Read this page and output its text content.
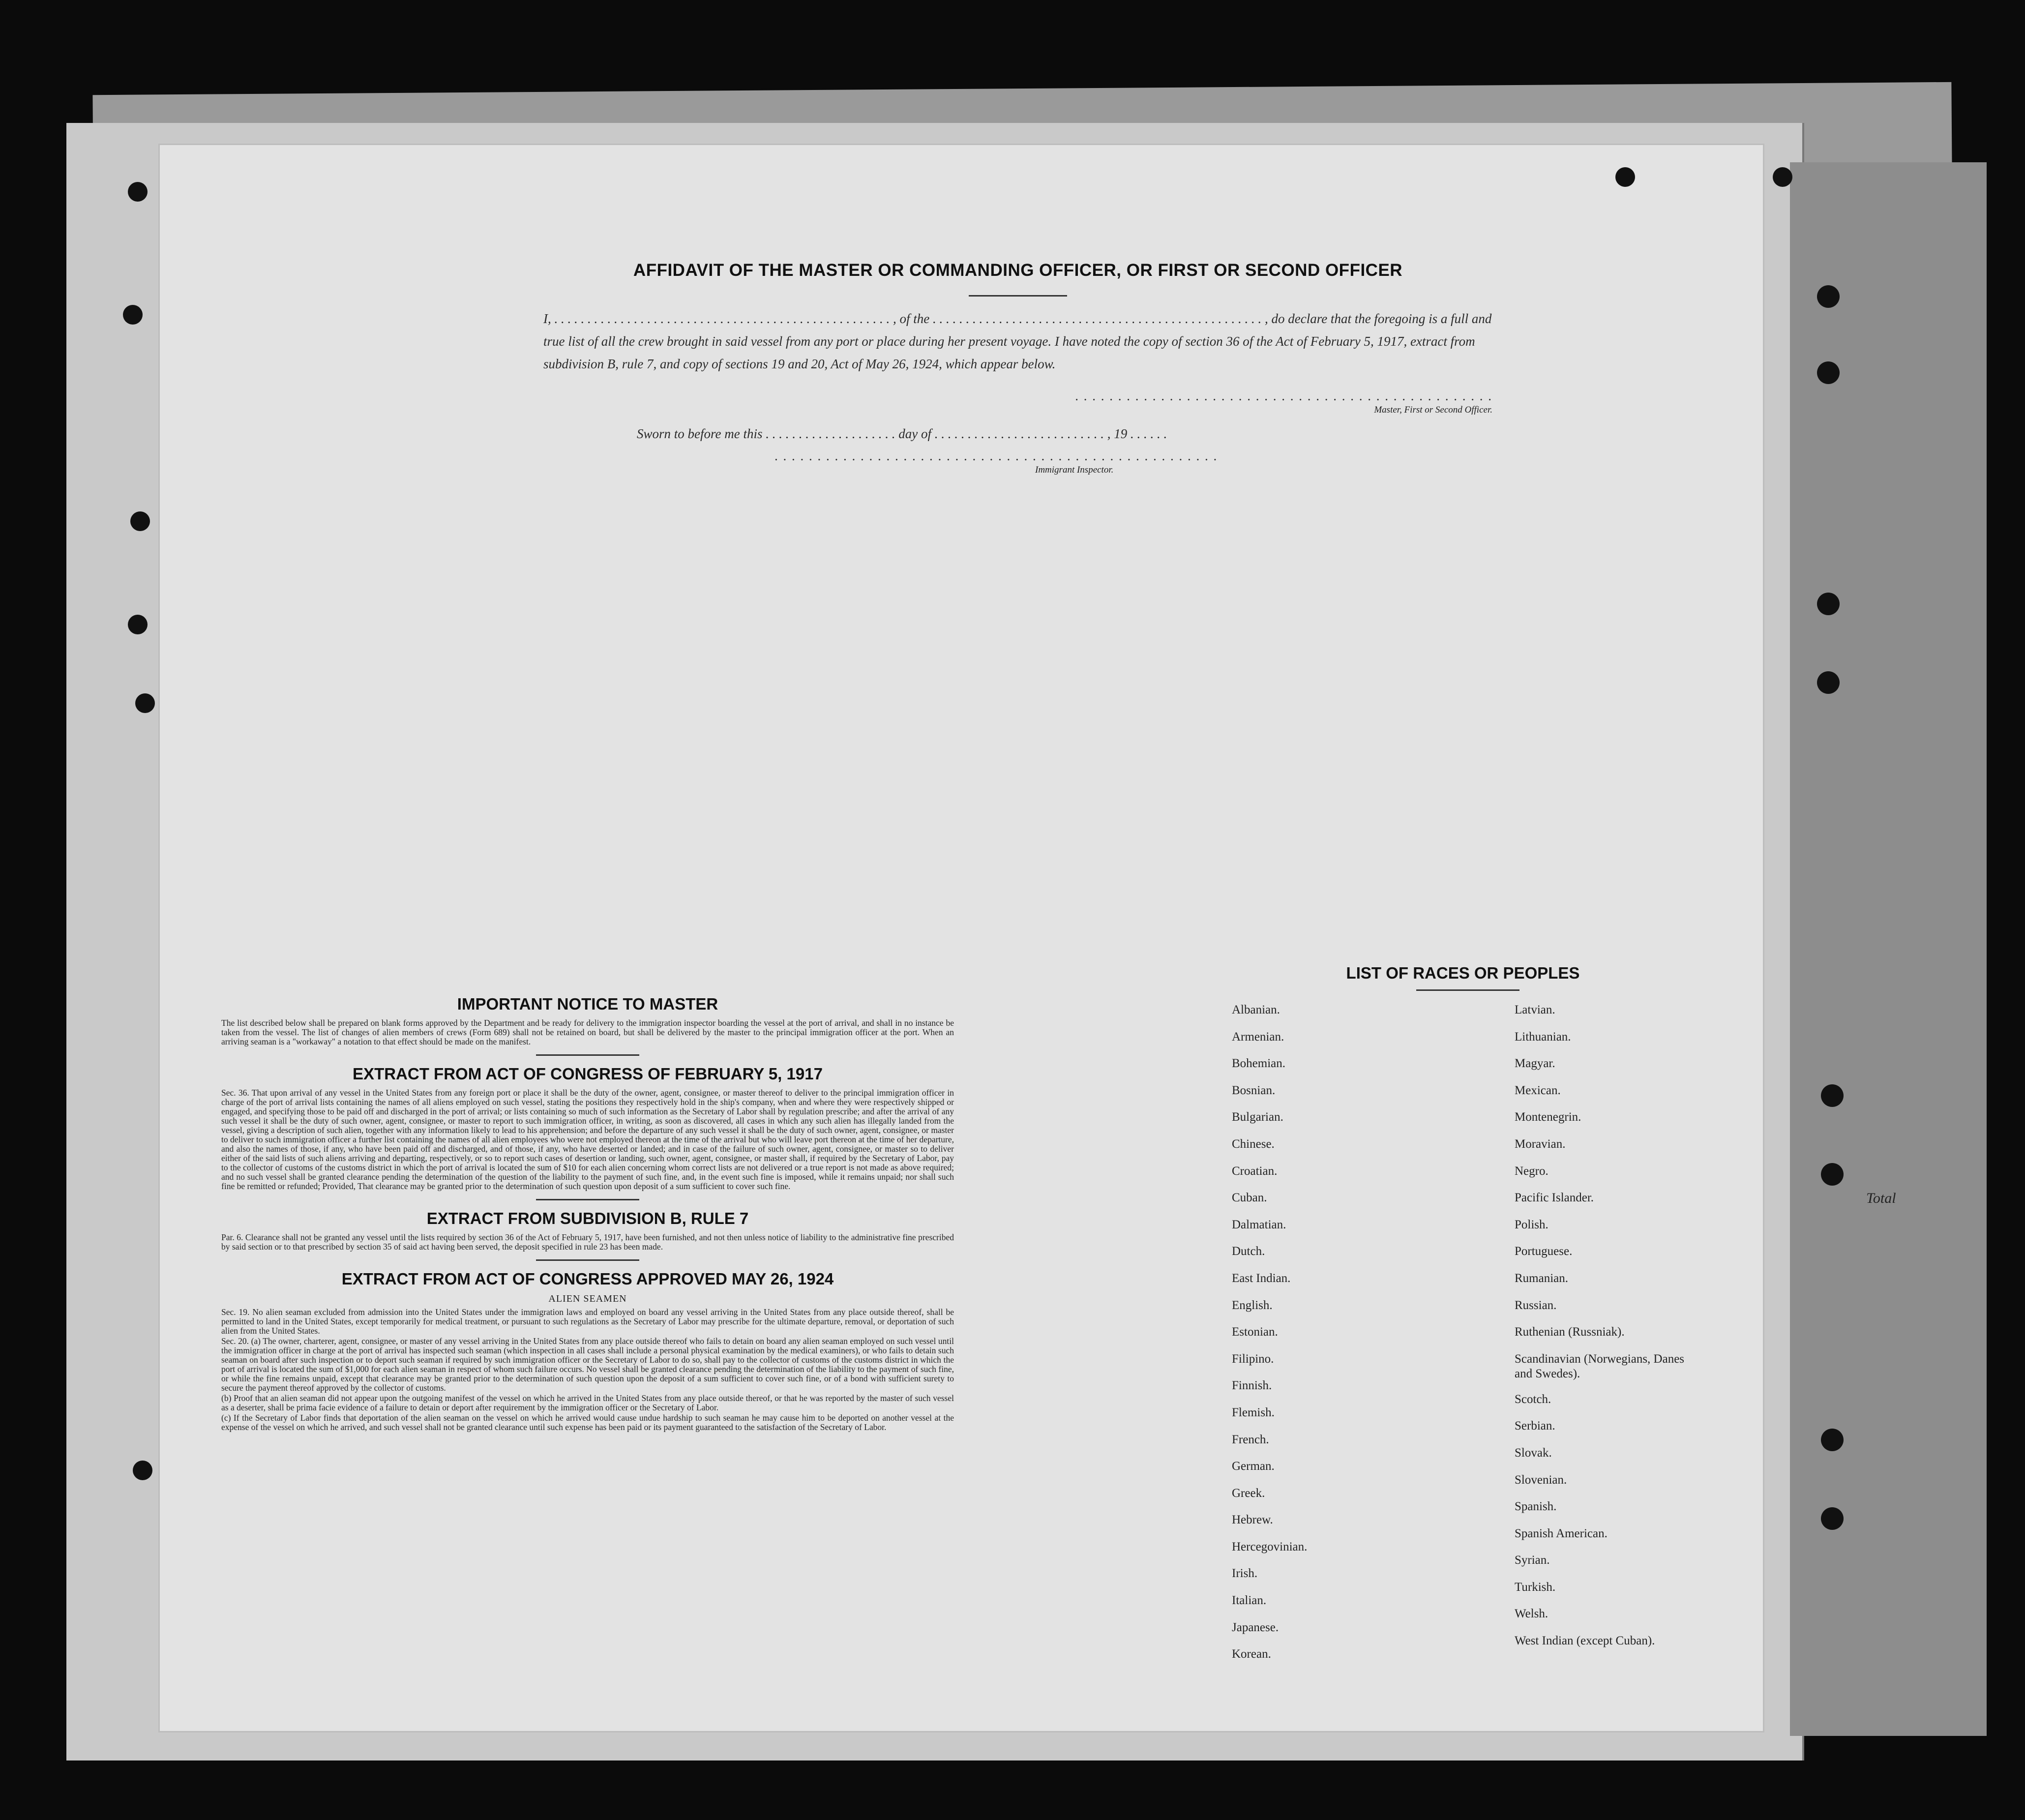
Total
AFFIDAVIT OF THE MASTER OR COMMANDING OFFICER, OR FIRST OR SECOND OFFICER

I, . . . . . . . . . . . . . . . . . . . . . . . . . . . . . . . . . . . . . . . . . . . . . . . . . . . , of the . . . . . . . . . . . . . . . . . . . . . . . . . . . . . . . . . . . . . . . . . . . . . . . . . . , do declare that the foregoing is a full and true list of all the crew brought in said vessel from any port or place during her present voyage. I have noted the copy of section 36 of the Act of February 5, 1917, extract from subdivision B, rule 7, and copy of sections 19 and 20, Act of May 26, 1924, which appear below.

. . . . . . . . . . . . . . . . . . . . . . . . . . . . . . . . . . . . . . . . . . . . . . . . .
Master, First or Second Officer.
Sworn to before me this . . . . . . . . . . . . . . . . . . . . day of . . . . . . . . . . . . . . . . . . . . . . . . . . , 19 . . . . . .
. . . . . . . . . . . . . . . . . . . . . . . . . . . . . . . . . . . . . . . . . . . . . . . . . . . .
Immigrant Inspector.
IMPORTANT NOTICE TO MASTER

The list described below shall be prepared on blank forms approved by the Department and be ready for delivery to the immigration inspector boarding the vessel at the port of arrival, and shall in no instance be taken from the vessel. The list of changes of alien members of crews (Form 689) shall not be retained on board, but shall be delivered by the master to the principal immigration officer at the port. When an arriving seaman is a "workaway" a notation to that effect should be made on the manifest.

EXTRACT FROM ACT OF CONGRESS OF FEBRUARY 5, 1917

Sec. 36. That upon arrival of any vessel in the United States from any foreign port or place it shall be the duty of the owner, agent, consignee, or master thereof to deliver to the principal immigration officer in charge of the port of arrival lists containing the names of all aliens employed on such vessel, stating the positions they respectively hold in the ship's company, when and where they were respectively shipped or engaged, and specifying those to be paid off and discharged in the port of arrival; or lists containing so much of such information as the Secretary of Labor shall by regulation prescribe; and after the arrival of any such vessel it shall be the duty of such owner, agent, consignee, or master to report to such immigration officer, in writing, as soon as discovered, all cases in which any such alien has illegally landed from the vessel, giving a description of such alien, together with any information likely to lead to his apprehension; and before the departure of any such vessel it shall be the duty of such owner, agent, consignee, or master to deliver to such immigration officer a further list containing the names of all alien employees who were not employed thereon at the time of the arrival but who will leave port thereon at the time of her departure, and also the names of those, if any, who have been paid off and discharged, and of those, if any, who have deserted or landed; and in case of the failure of such owner, agent, consignee, or master so to deliver either of the said lists of such aliens arriving and departing, respectively, or so to report such cases of desertion or landing, such owner, agent, consignee, or master shall, if required by the Secretary of Labor, pay to the collector of customs of the customs district in which the port of arrival is located the sum of $10 for each alien concerning whom correct lists are not delivered or a true report is not made as above required; and no such vessel shall be granted clearance pending the determination of the question of the liability to the payment of such fine, and, in the event such fine is imposed, while it remains unpaid; nor shall such fine be remitted or refunded; Provided, That clearance may be granted prior to the determination of such question upon deposit of a sum sufficient to cover such fine.

EXTRACT FROM SUBDIVISION B, RULE 7

Par. 6. Clearance shall not be granted any vessel until the lists required by section 36 of the Act of February 5, 1917, have been furnished, and not then unless notice of liability to the administrative fine prescribed by said section or to that prescribed by section 35 of said act having been served, the deposit specified in rule 23 has been made.

EXTRACT FROM ACT OF CONGRESS APPROVED MAY 26, 1924
ALIEN SEAMEN

Sec. 19. No alien seaman excluded from admission into the United States under the immigration laws and employed on board any vessel arriving in the United States from any place outside thereof, shall be permitted to land in the United States, except temporarily for medical treatment, or pursuant to such regulations as the Secretary of Labor may prescribe for the ultimate departure, removal, or deportation of such alien from the United States.

Sec. 20. (a) The owner, charterer, agent, consignee, or master of any vessel arriving in the United States from any place outside thereof who fails to detain on board any alien seaman employed on such vessel until the immigration officer in charge at the port of arrival has inspected such seaman (which inspection in all cases shall include a personal physical examination by the medical examiners), or who fails to detain such seaman on board after such inspection or to deport such seaman if required by such immigration officer or the Secretary of Labor to do so, shall pay to the collector of customs of the customs district in which the port of arrival is located the sum of $1,000 for each alien seaman in respect of whom such failure occurs. No vessel shall be granted clearance pending the determination of the liability to the payment of such fine, or while the fine remains unpaid, except that clearance may be granted prior to the determination of such question upon the deposit of a sum sufficient to cover such fine, or of a bond with sufficient surety to secure the payment thereof approved by the collector of customs.

(b) Proof that an alien seaman did not appear upon the outgoing manifest of the vessel on which he arrived in the United States from any place outside thereof, or that he was reported by the master of such vessel as a deserter, shall be prima facie evidence of a failure to detain or deport after requirement by the immigration officer or the Secretary of Labor.

(c) If the Secretary of Labor finds that deportation of the alien seaman on the vessel on which he arrived would cause undue hardship to such seaman he may cause him to be deported on another vessel at the expense of the vessel on which he arrived, and such vessel shall not be granted clearance until such expense has been paid or its payment guaranteed to the satisfaction of the Secretary of Labor.

LIST OF RACES OR PEOPLES
Albanian.
Armenian.
Bohemian.
Bosnian.
Bulgarian.
Chinese.
Croatian.
Cuban.
Dalmatian.
Dutch.
East Indian.
English.
Estonian.
Filipino.
Finnish.
Flemish.
French.
German.
Greek.
Hebrew.
Hercegovinian.
Irish.
Italian.
Japanese.
Korean.
Latvian.
Lithuanian.
Magyar.
Mexican.
Montenegrin.
Moravian.
Negro.
Pacific Islander.
Polish.
Portuguese.
Rumanian.
Russian.
Ruthenian (Russniak).
Scandinavian (Norwegians, Danes and Swedes).
Scotch.
Serbian.
Slovak.
Slovenian.
Spanish.
Spanish American.
Syrian.
Turkish.
Welsh.
West Indian (except Cuban).
